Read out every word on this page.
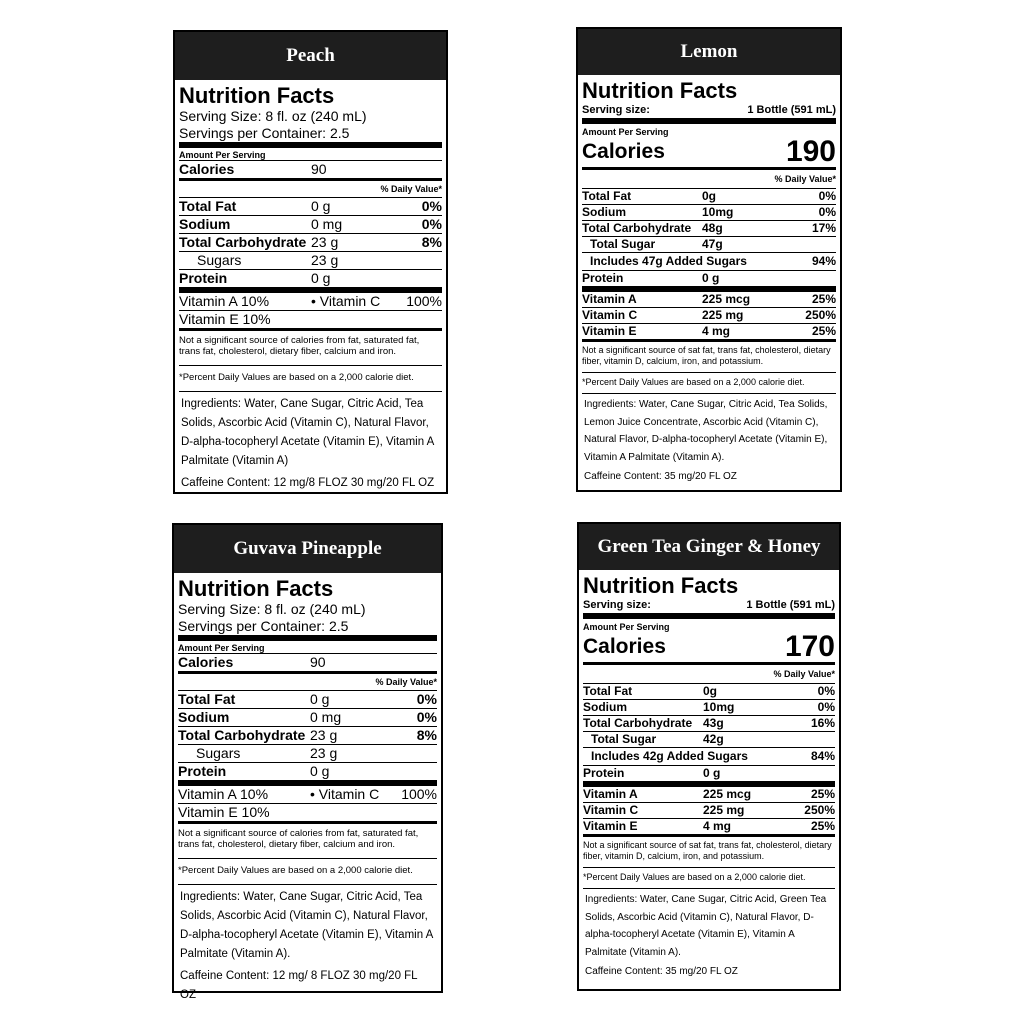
Peach
Nutrition Facts
Serving Size: 8 fl. oz (240 mL)
Servings per Container: 2.5
Amount Per Serving
Calories	90
% Daily Value*
Total Fat	0 g	0%
Sodium	0 mg	0%
Total Carbohydrate 23 g	8%
Sugars	23 g
Protein	0 g
Vitamin A 10%	• Vitamin C	100%
Vitamin E 10%
Not a significant source of calories from fat, saturated fat, trans fat, cholesterol, dietary fiber, calcium and iron.
*Percent Daily Values are based on a 2,000 calorie diet.
Ingredients: Water, Cane Sugar, Citric Acid, Tea Solids, Ascorbic Acid (Vitamin C), Natural Flavor, D-alpha-tocopheryl Acetate (Vitamin E), Vitamin A Palmitate (Vitamin A)
Caffeine Content: 12 mg/8 FLOZ 30 mg/20 FL OZ
Guvava Pineapple
Nutrition Facts
Serving Size: 8 fl. oz (240 mL)
Servings per Container: 2.5
Amount Per Serving
Calories	90
% Daily Value*
Total Fat	0 g	0%
Sodium	0 mg	0%
Total Carbohydrate 23 g	8%
Sugars	23 g
Protein	0 g
Vitamin A 10%	• Vitamin C	100%
Vitamin E 10%
Not a significant source of calories from fat, saturated fat, trans fat, cholesterol, dietary fiber, calcium and iron.
*Percent Daily Values are based on a 2,000 calorie diet.
Ingredients: Water, Cane Sugar, Citric Acid, Tea Solids, Ascorbic Acid (Vitamin C), Natural Flavor, D-alpha-tocopheryl Acetate (Vitamin E), Vitamin A Palmitate (Vitamin A).
Caffeine Content: 12 mg/ 8 FLOZ 30 mg/20 FL OZ
Lemon
Nutrition Facts
Serving size:	1 Bottle (591 mL)
Amount Per Serving
Calories	190
% Daily Value*
Total Fat	0g	0%
Sodium	10mg	0%
Total Carbohydrate 48g	17%
Total Sugar	47g
Includes 47g Added Sugars	94%
Protein	0 g
Vitamin A	225 mcg	25%
Vitamin C	225 mg	250%
Vitamin E	4 mg	25%
Not a significant source of sat fat, trans fat, cholesterol, dietary fiber, vitamin D, calcium, iron, and potassium.
*Percent Daily Values are based on a 2,000 calorie diet.
Ingredients: Water, Cane Sugar, Citric Acid, Tea Solids, Lemon Juice Concentrate, Ascorbic Acid (Vitamin C), Natural Flavor, D-alpha-tocopheryl Acetate (Vitamin E), Vitamin A Palmitate (Vitamin A).
Caffeine Content: 35 mg/20 FL OZ
Green Tea Ginger & Honey
Nutrition Facts
Serving size:	1 Bottle (591 mL)
Amount Per Serving
Calories	170
% Daily Value*
Total Fat	0g	0%
Sodium	10mg	0%
Total Carbohydrate 43g	16%
Total Sugar	42g
Includes 42g Added Sugars	84%
Protein	0 g
Vitamin A	225 mcg	25%
Vitamin C	225 mg	250%
Vitamin E	4 mg	25%
Not a significant source of sat fat, trans fat, cholesterol, dietary fiber, vitamin D, calcium, iron, and potassium.
*Percent Daily Values are based on a 2,000 calorie diet.
Ingredients: Water, Cane Sugar, Citric Acid, Green Tea Solids, Ascorbic Acid (Vitamin C), Natural Flavor, D-alpha-tocopheryl Acetate (Vitamin E), Vitamin A Palmitate (Vitamin A).
Caffeine Content: 35 mg/20 FL OZ
